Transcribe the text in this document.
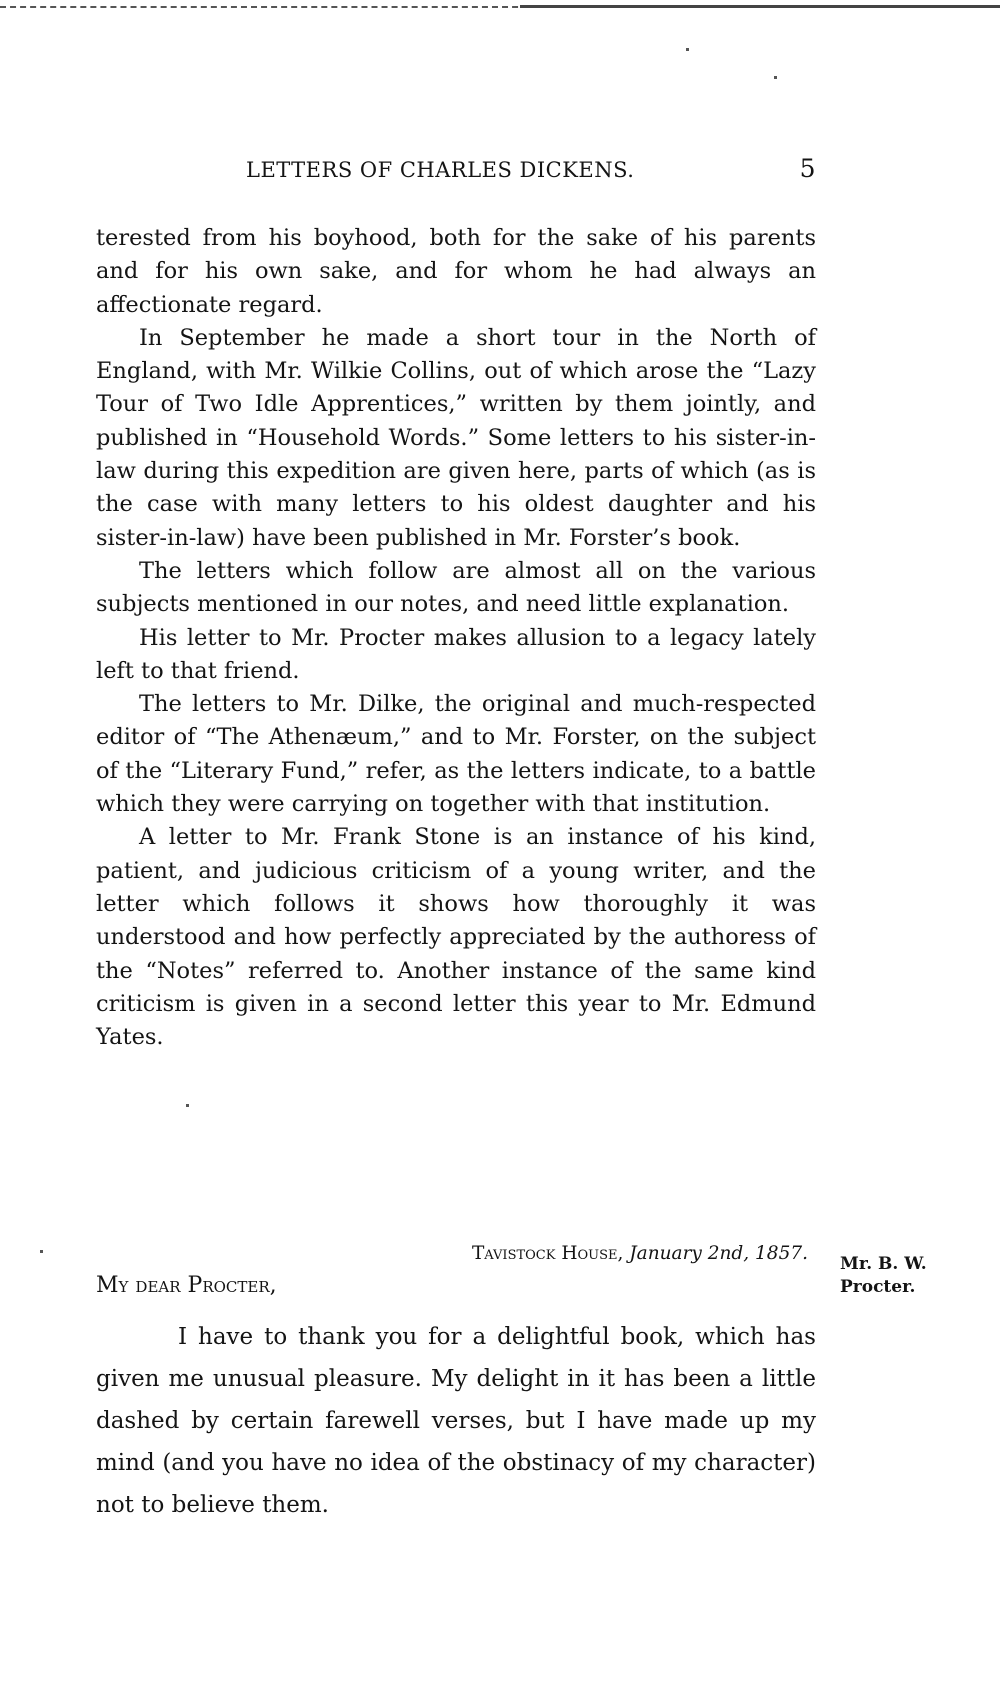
LETTERS OF CHARLES DICKENS.	5

terested from his boyhood, both for the sake of his parents and for his own sake, and for whom he had always an affectionate regard.

In September he made a short tour in the North of England, with Mr. Wilkie Collins, out of which arose the “Lazy Tour of Two Idle Apprentices,” written by them jointly, and published in “Household Words.” Some letters to his sister-in-law during this expedition are given here, parts of which (as is the case with many letters to his oldest daughter and his sister-in-law) have been published in Mr. Forster’s book.

The letters which follow are almost all on the various subjects mentioned in our notes, and need little explanation.

His letter to Mr. Procter makes allusion to a legacy lately left to that friend.

The letters to Mr. Dilke, the original and much-respected editor of “The Athenæum,” and to Mr. Forster, on the subject of the “Literary Fund,” refer, as the letters indicate, to a battle which they were carrying on together with that institution.

A letter to Mr. Frank Stone is an instance of his kind, patient, and judicious criticism of a young writer, and the letter which follows it shows how thoroughly it was understood and how perfectly appreciated by the authoress of the “Notes” referred to. Another instance of the same kind criticism is given in a second letter this year to Mr. Edmund Yates.

Tavistock House, January 2nd, 1857.
My dear Procter,
Mr. B. W. Procter.

I have to thank you for a delightful book, which has given me unusual pleasure. My delight in it has been a little dashed by certain farewell verses, but I have made up my mind (and you have no idea of the obstinacy of my character) not to believe them.
